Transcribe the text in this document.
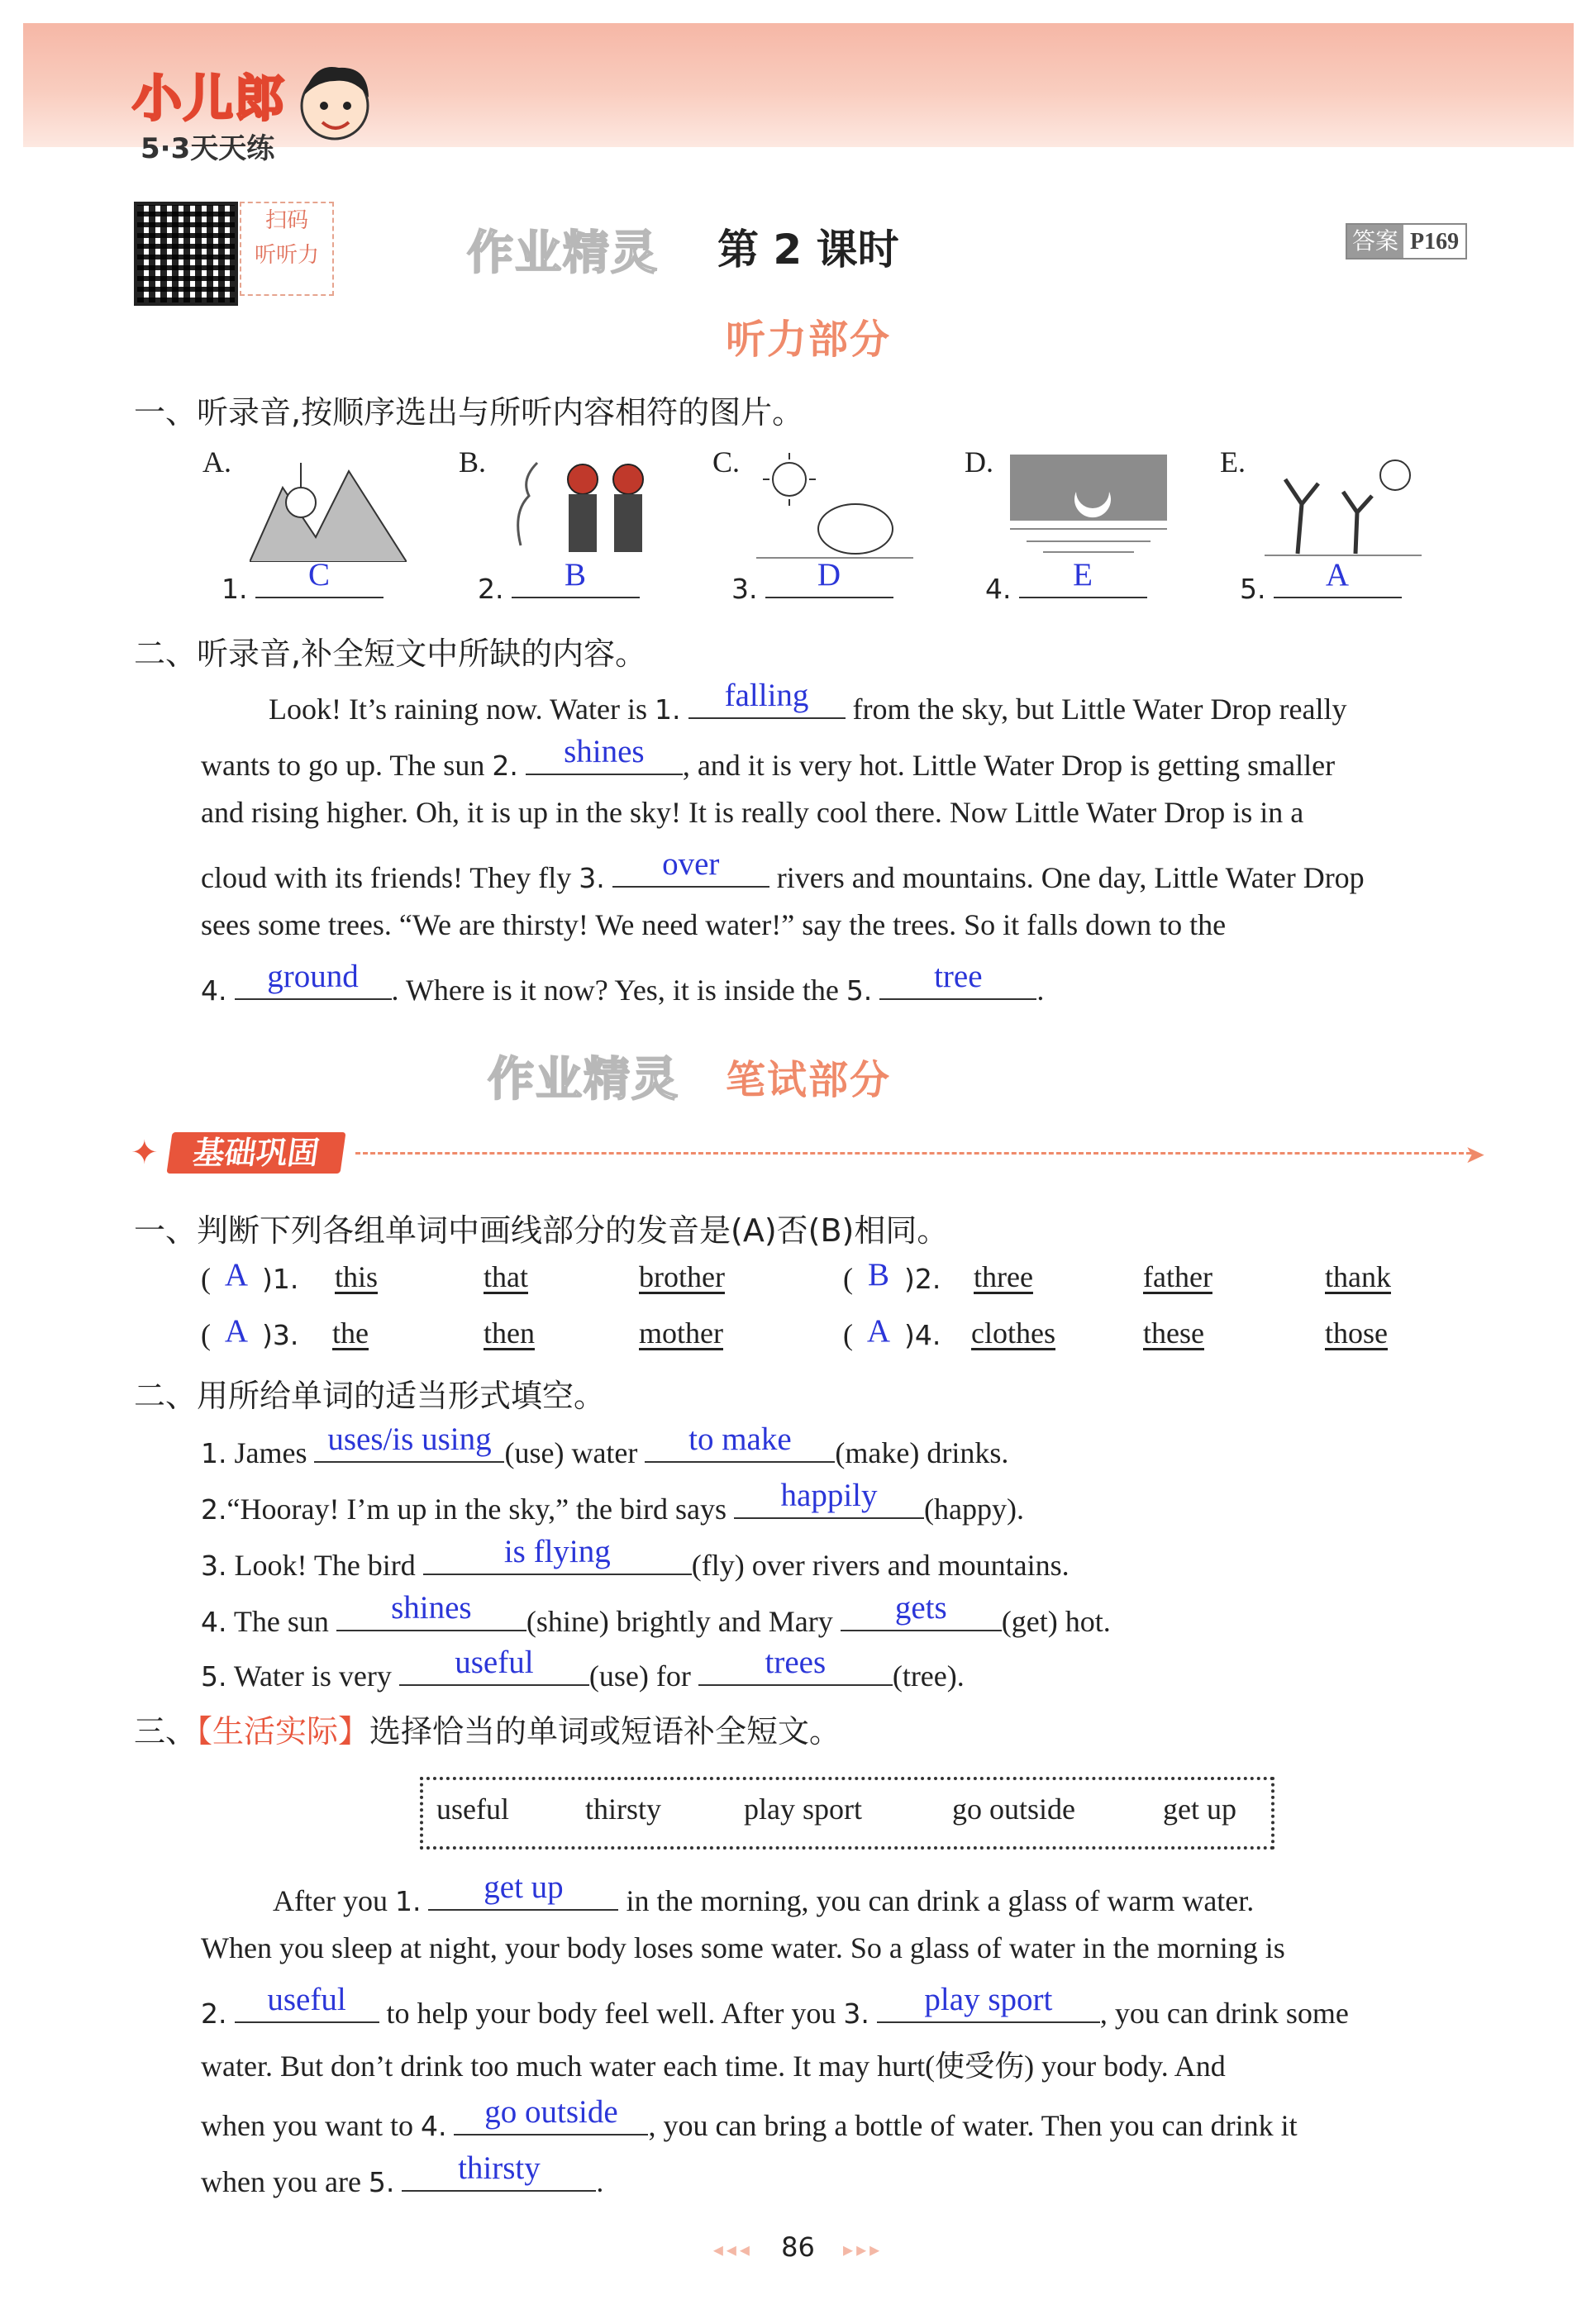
小儿郎
5·3天天练
扫码
听听力	作业精灵 第 2 课时	答案 P169
听力部分
一、听录音,按顺序选出与所听内容相符的图片。
A.	B.	C.	D.	E.
1.	C	2.	B	3.	D	4.	E	5.	A
二、听录音,补全短文中所缺的内容。
Look! It’s raining now. Water is 1.	falling	from the sky, but Little Water Drop really
wants to go up. The sun 2.	shines	, and it is very hot. Little Water Drop is getting smaller
and rising higher. Oh, it is up in the sky! It is really cool there. Now Little Water Drop is in a
cloud with its friends! They fly 3.	over	rivers and mountains. One day, Little Water Drop
sees some trees. “We are thirsty! We need water!” say the trees. So it falls down to the
4.	ground	. Where is it now? Yes, it is inside the 5.	tree	.
作业精灵 笔试部分
✦	基础巩固	➤
一、判断下列各组单词中画线部分的发音是(A)否(B)相同。
( A )1. this	that	brother	( B )2. three	father	thank
( A )3. the	then	mother	( A )4. clothes	these	those
二、用所给单词的适当形式填空。
1. James uses/is using (use) water	to make	(make) drinks.
2.“Hooray! I’m up in the sky,” the bird says	happily	(happy).
3. Look! The bird	is flying	(fly) over rivers and mountains.
4. The sun	shines	(shine) brightly and Mary	gets	(get) hot.
5. Water is very	useful	(use) for	trees	(tree).
三、【生活实际】选择恰当的单词或短语补全短文。
useful	thirsty	play sport	go outside	get up
After you 1.	get up	in the morning, you can drink a glass of warm water.
When you sleep at night, your body loses some water. So a glass of water in the morning is
2.	useful	to help your body feel well. After you 3.	play sport	, you can drink some
water. But don’t drink too much water each time. It may hurt(使受伤) your body. And
when you want to 4.	go outside	, you can bring a bottle of water. Then you can drink it
when you are 5.	thirsty	.
◂◂◂ 86 ▸▸▸
